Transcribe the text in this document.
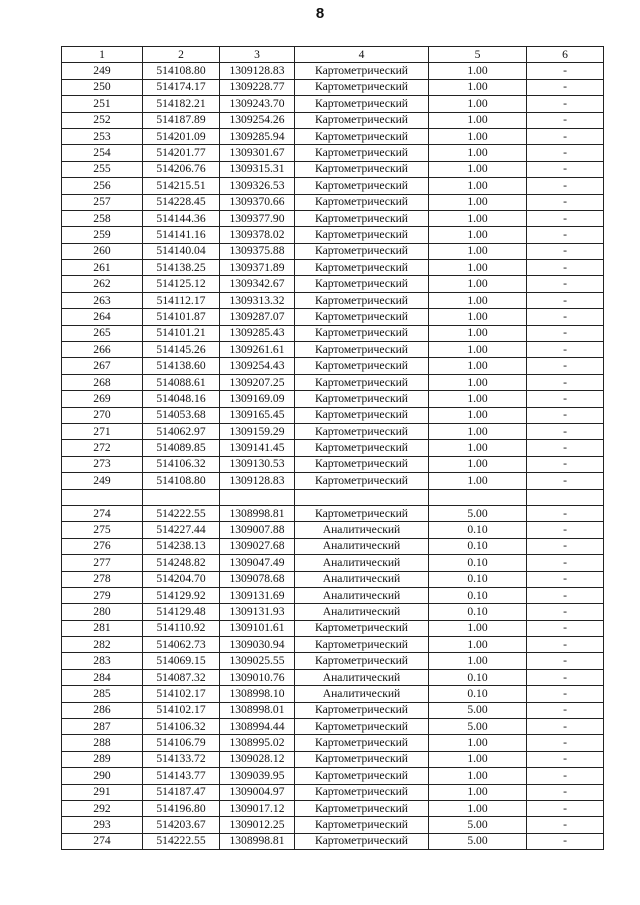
8
1	2	3	4	5	6
249	514108.80	1309128.83	Картометрический	1.00	-
250	514174.17	1309228.77	Картометрический	1.00	-
251	514182.21	1309243.70	Картометрический	1.00	-
252	514187.89	1309254.26	Картометрический	1.00	-
253	514201.09	1309285.94	Картометрический	1.00	-
254	514201.77	1309301.67	Картометрический	1.00	-
255	514206.76	1309315.31	Картометрический	1.00	-
256	514215.51	1309326.53	Картометрический	1.00	-
257	514228.45	1309370.66	Картометрический	1.00	-
258	514144.36	1309377.90	Картометрический	1.00	-
259	514141.16	1309378.02	Картометрический	1.00	-
260	514140.04	1309375.88	Картометрический	1.00	-
261	514138.25	1309371.89	Картометрический	1.00	-
262	514125.12	1309342.67	Картометрический	1.00	-
263	514112.17	1309313.32	Картометрический	1.00	-
264	514101.87	1309287.07	Картометрический	1.00	-
265	514101.21	1309285.43	Картометрический	1.00	-
266	514145.26	1309261.61	Картометрический	1.00	-
267	514138.60	1309254.43	Картометрический	1.00	-
268	514088.61	1309207.25	Картометрический	1.00	-
269	514048.16	1309169.09	Картометрический	1.00	-
270	514053.68	1309165.45	Картометрический	1.00	-
271	514062.97	1309159.29	Картометрический	1.00	-
272	514089.85	1309141.45	Картометрический	1.00	-
273	514106.32	1309130.53	Картометрический	1.00	-
249	514108.80	1309128.83	Картометрический	1.00	-

274	514222.55	1308998.81	Картометрический	5.00	-
275	514227.44	1309007.88	Аналитический	0.10	-
276	514238.13	1309027.68	Аналитический	0.10	-
277	514248.82	1309047.49	Аналитический	0.10	-
278	514204.70	1309078.68	Аналитический	0.10	-
279	514129.92	1309131.69	Аналитический	0.10	-
280	514129.48	1309131.93	Аналитический	0.10	-
281	514110.92	1309101.61	Картометрический	1.00	-
282	514062.73	1309030.94	Картометрический	1.00	-
283	514069.15	1309025.55	Картометрический	1.00	-
284	514087.32	1309010.76	Аналитический	0.10	-
285	514102.17	1308998.10	Аналитический	0.10	-
286	514102.17	1308998.01	Картометрический	5.00	-
287	514106.32	1308994.44	Картометрический	5.00	-
288	514106.79	1308995.02	Картометрический	1.00	-
289	514133.72	1309028.12	Картометрический	1.00	-
290	514143.77	1309039.95	Картометрический	1.00	-
291	514187.47	1309004.97	Картометрический	1.00	-
292	514196.80	1309017.12	Картометрический	1.00	-
293	514203.67	1309012.25	Картометрический	5.00	-
274	514222.55	1308998.81	Картометрический	5.00	-
